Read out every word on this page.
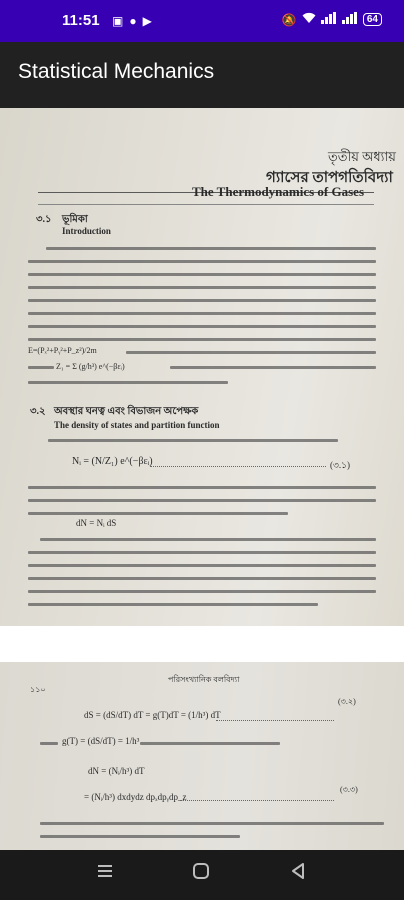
11:51 ▣●▶	🔕	64
Statistical Mechanics
তৃতীয় অধ্যায়
গ্যাসের তাপগতিবিদ্যা
The Thermodynamics of Gases
৩.১ ভূমিকা
Introduction
E=(Pₓ²+Pᵧ²+P_z²)/2m
Z₁ = Σ (g/h³) e^(−βεᵢ)
৩.২ অবস্থার ঘনত্ব এবং বিভাজন অপেক্ষক
The density of states and partition function
Nᵢ = (N/Z₁) e^(−βεᵢ)	(৩.১)
dN = Nᵢ dS
১১০
পরিসংখ্যানিক বলবিদ্যা
dS = (dS/dT) dT = g(T)dT = (1/h³) dT
(৩.২)
g(T) = (dS/dT) = 1/h³
dN = (Nᵢ/h³) dT
= (Nᵢ/h³) dxdydz dpₓdpᵧdp_z
(৩.৩)
